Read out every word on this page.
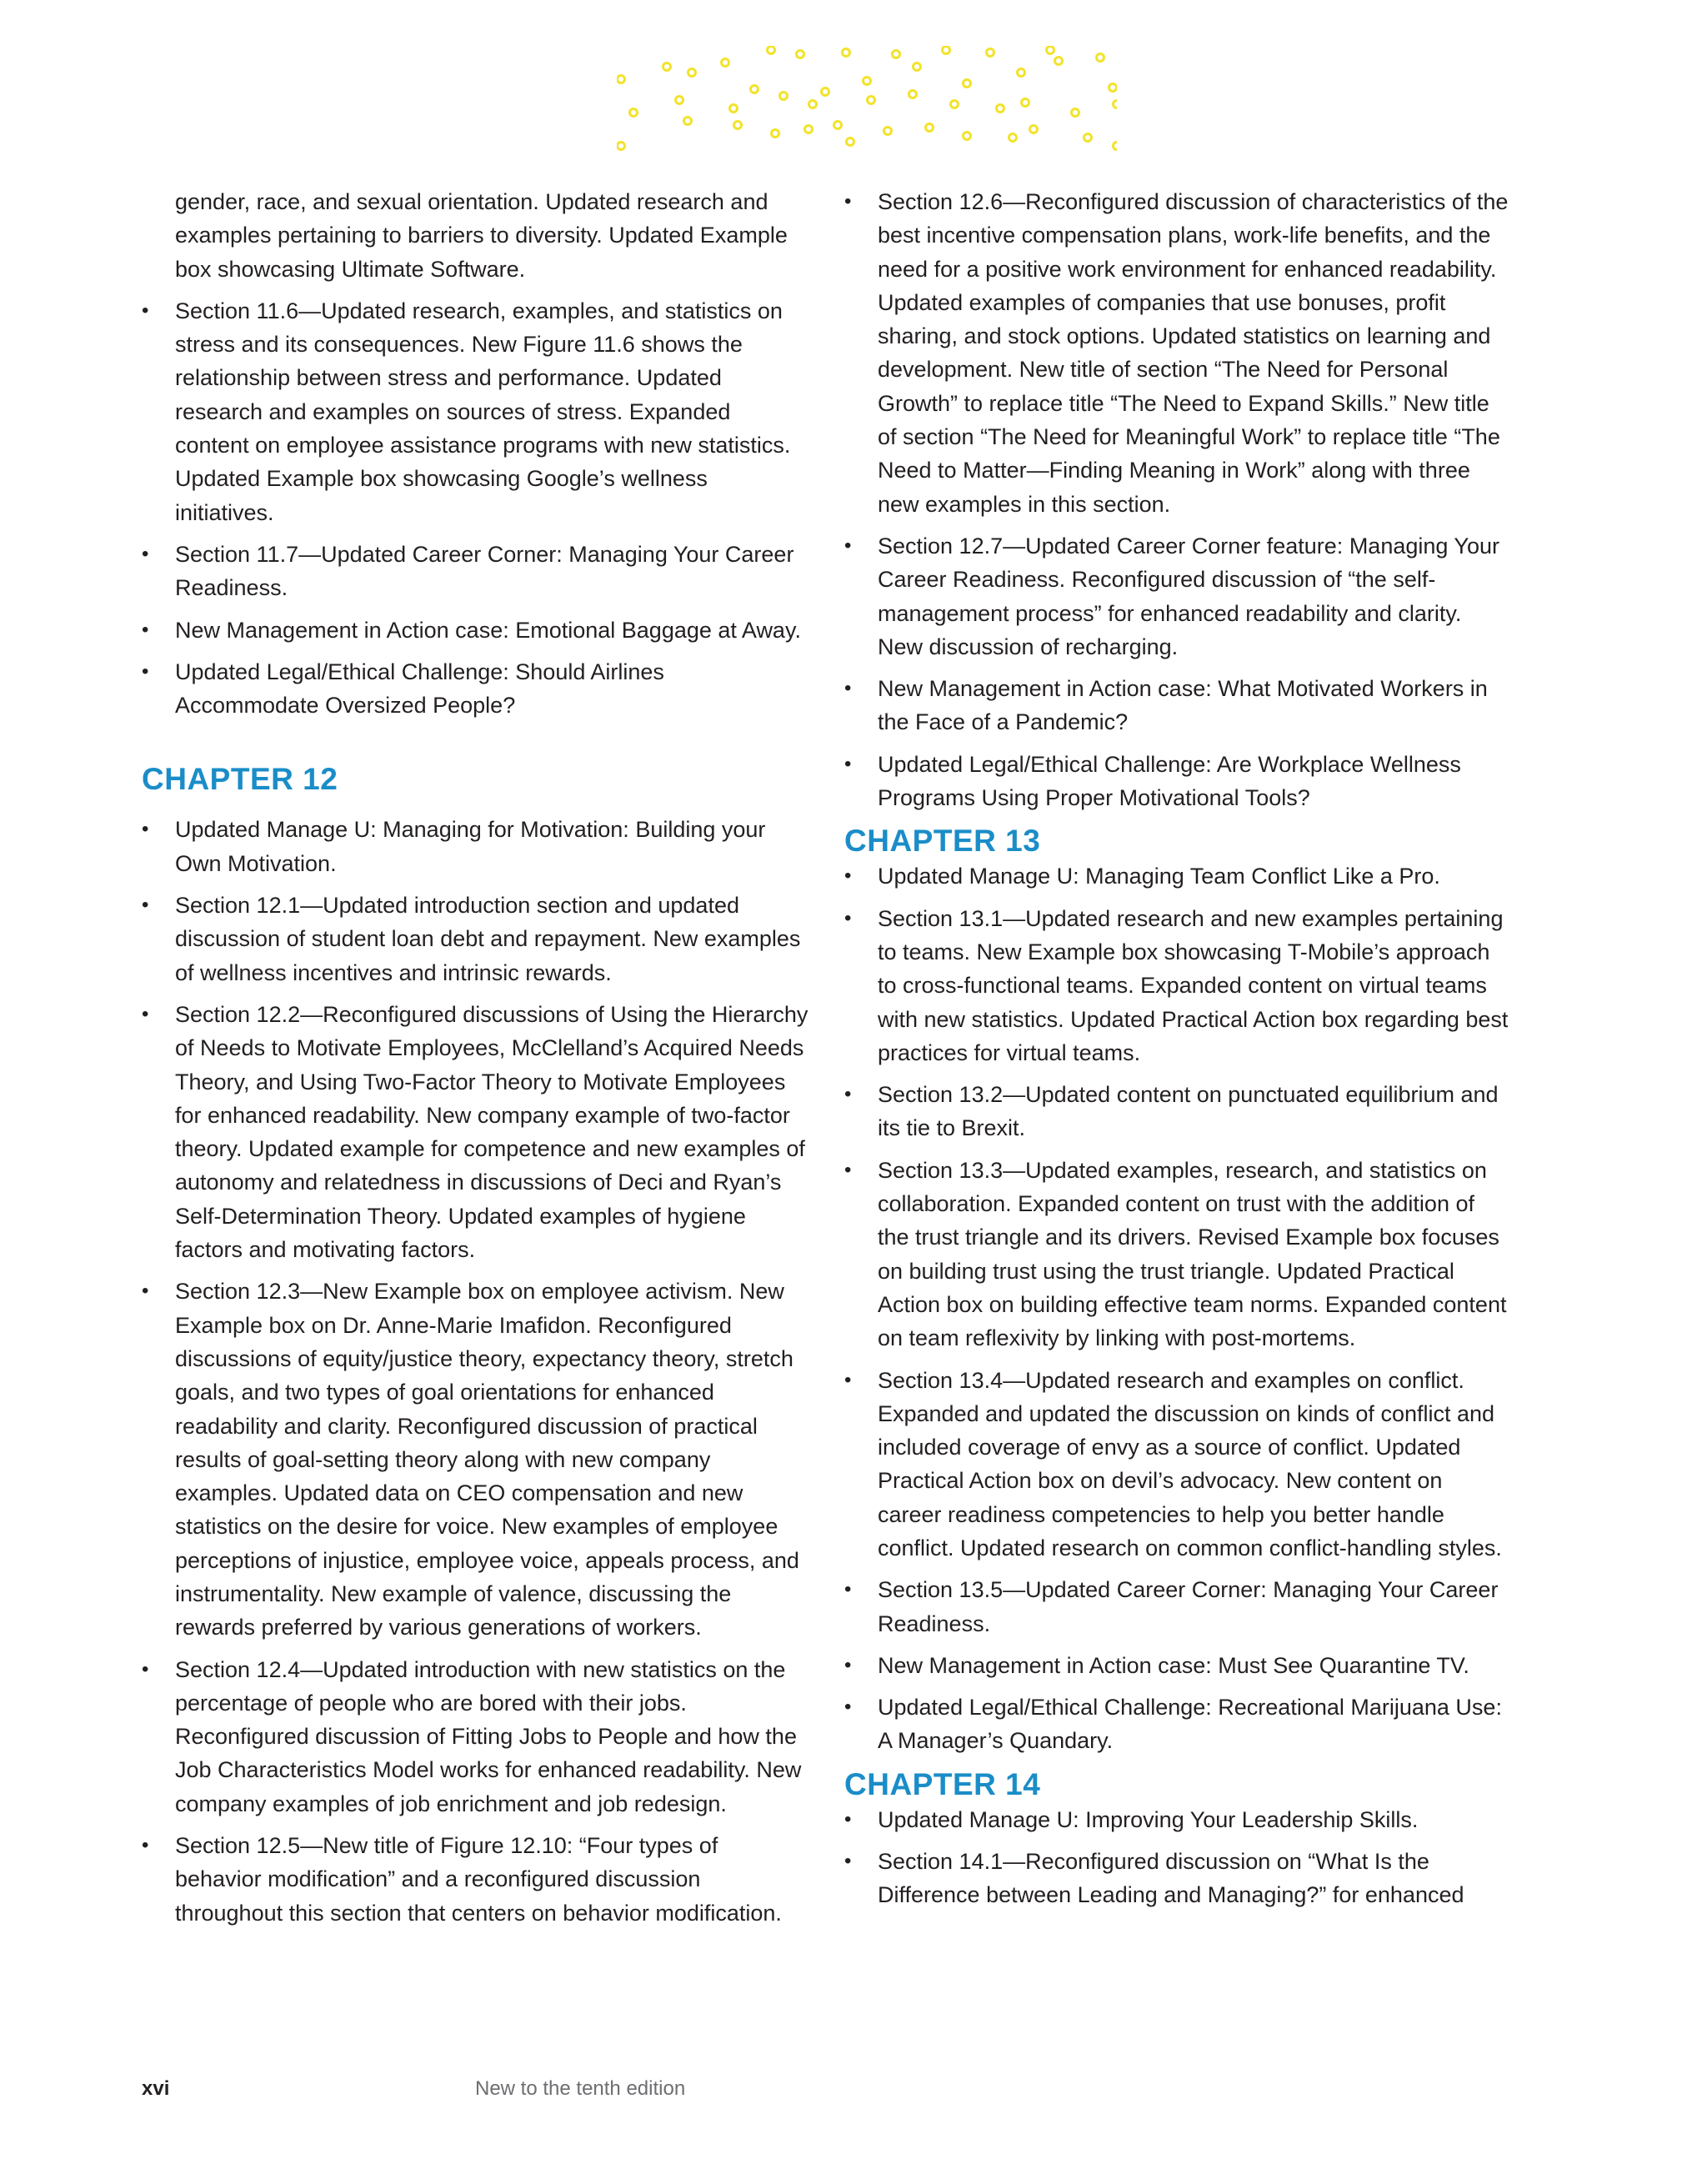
gender, race, and sexual orientation. Updated research and examples pertaining to barriers to diversity. Updated Example box showcasing Ultimate Software.

• Section 11.6—Updated research, examples, and statistics on stress and its consequences. New Figure 11.6 shows the relationship between stress and performance. Updated research and examples on sources of stress. Expanded content on employee assistance programs with new statistics. Updated Example box showcasing Google’s wellness initiatives.
• Section 11.7—Updated Career Corner: Managing Your Career Readiness.
• New Management in Action case: Emotional Baggage at Away.
• Updated Legal/Ethical Challenge: Should Airlines Accommodate Oversized People?
CHAPTER 12
• Updated Manage U: Managing for Motivation: Building your Own Motivation.
• Section 12.1—Updated introduction section and updated discussion of student loan debt and repayment. New examples of wellness incentives and intrinsic rewards.
• Section 12.2—Reconfigured discussions of Using the Hierarchy of Needs to Motivate Employees, McClelland’s Acquired Needs Theory, and Using Two-Factor Theory to Motivate Employees for enhanced readability. New company example of two-factor theory. Updated example for competence and new examples of autonomy and relatedness in discussions of Deci and Ryan’s Self-Determination Theory. Updated examples of hygiene factors and motivating factors.
• Section 12.3—New Example box on employee activism. New Example box on Dr. Anne-Marie Imafidon. Reconfigured discussions of equity/justice theory, expectancy theory, stretch goals, and two types of goal orientations for enhanced readability and clarity. Reconfigured discussion of practical results of goal-setting theory along with new company examples. Updated data on CEO compensation and new statistics on the desire for voice. New examples of employee perceptions of injustice, employee voice, appeals process, and instrumentality. New example of valence, discussing the rewards preferred by various generations of workers.
• Section 12.4—Updated introduction with new statistics on the percentage of people who are bored with their jobs. Reconfigured discussion of Fitting Jobs to People and how the Job Characteristics Model works for enhanced readability. New company examples of job enrichment and job redesign.
• Section 12.5—New title of Figure 12.10: “Four types of behavior modification” and a reconfigured discussion throughout this section that centers on behavior modification.
• Section 12.6—Reconfigured discussion of characteristics of the best incentive compensation plans, work-life benefits, and the need for a positive work environment for enhanced readability. Updated examples of companies that use bonuses, profit sharing, and stock options. Updated statistics on learning and development. New title of section “The Need for Personal Growth” to replace title “The Need to Expand Skills.” New title of section “The Need for Meaningful Work” to replace title “The Need to Matter—Finding Meaning in Work” along with three new examples in this section.
• Section 12.7—Updated Career Corner feature: Managing Your Career Readiness. Reconfigured discussion of “the self-management process” for enhanced readability and clarity. New discussion of recharging.
• New Management in Action case: What Motivated Workers in the Face of a Pandemic?
• Updated Legal/Ethical Challenge: Are Workplace Wellness Programs Using Proper Motivational Tools?
CHAPTER 13
• Updated Manage U: Managing Team Conflict Like a Pro.
• Section 13.1—Updated research and new examples pertaining to teams. New Example box showcasing T-Mobile’s approach to cross-functional teams. Expanded content on virtual teams with new statistics. Updated Practical Action box regarding best practices for virtual teams.
• Section 13.2—Updated content on punctuated equilibrium and its tie to Brexit.
• Section 13.3—Updated examples, research, and statistics on collaboration. Expanded content on trust with the addition of the trust triangle and its drivers. Revised Example box focuses on building trust using the trust triangle. Updated Practical Action box on building effective team norms. Expanded content on team reflexivity by linking with post-mortems.
• Section 13.4—Updated research and examples on conflict. Expanded and updated the discussion on kinds of conflict and included coverage of envy as a source of conflict. Updated Practical Action box on devil’s advocacy. New content on career readiness competencies to help you better handle conflict. Updated research on common conflict-handling styles.
• Section 13.5—Updated Career Corner: Managing Your Career Readiness.
• New Management in Action case: Must See Quarantine TV.
• Updated Legal/Ethical Challenge: Recreational Marijuana Use: A Manager’s Quandary.
CHAPTER 14
• Updated Manage U: Improving Your Leadership Skills.
• Section 14.1—Reconfigured discussion on “What Is the Difference between Leading and Managing?” for enhanced
xvi	New to the tenth edition
